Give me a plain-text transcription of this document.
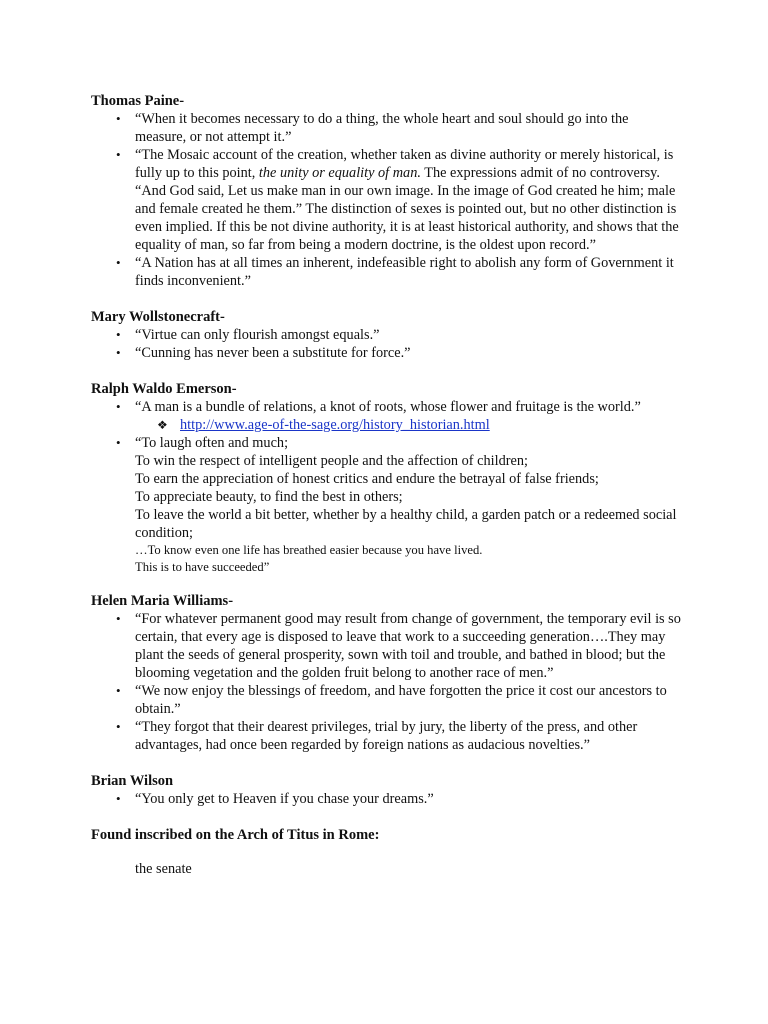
Thomas Paine-

• “When it becomes necessary to do a thing, the whole heart and soul should go into the measure, or not attempt it.”
• “The Mosaic account of the creation, whether taken as divine authority or merely historical, is fully up to this point, the unity or equality of man. The expressions admit of no controversy. “And God said, Let us make man in our own image. In the image of God created he him; male and female created he them.” The distinction of sexes is pointed out, but no other distinction is even implied. If this be not divine authority, it is at least historical authority, and shows that the equality of man, so far from being a modern doctrine, is the oldest upon record.”
• “A Nation has at all times an inherent, indefeasible right to abolish any form of Government it finds inconvenient.”

Mary Wollstonecraft-

• “Virtue can only flourish amongst equals.”
• “Cunning has never been a substitute for force.”

Ralph Waldo Emerson-

• “A man is a bundle of relations, a knot of roots, whose flower and fruitage is the world.”
❖ http://www.age-of-the-sage.org/history_historian.html
• “To laugh often and much;
To win the respect of intelligent people and the affection of children;
To earn the appreciation of honest critics and endure the betrayal of false friends;
To appreciate beauty, to find the best in others;
To leave the world a bit better, whether by a healthy child, a garden patch or a redeemed social condition;
…To know even one life has breathed easier because you have lived.
This is to have succeeded”

Helen Maria Williams-

• “For whatever permanent good may result from change of government, the temporary evil is so certain, that every age is disposed to leave that work to a succeeding generation….They may plant the seeds of general prosperity, sown with toil and trouble, and bathed in blood; but the blooming vegetation and the golden fruit belong to another race of men.”
• “We now enjoy the blessings of freedom, and have forgotten the price it cost our ancestors to obtain.”
• “They forgot that their dearest privileges, trial by jury, the liberty of the press, and other advantages, had once been regarded by foreign nations as audacious novelties.”

Brian Wilson

• “You only get to Heaven if you chase your dreams.”

Found inscribed on the Arch of Titus in Rome:

the senate
